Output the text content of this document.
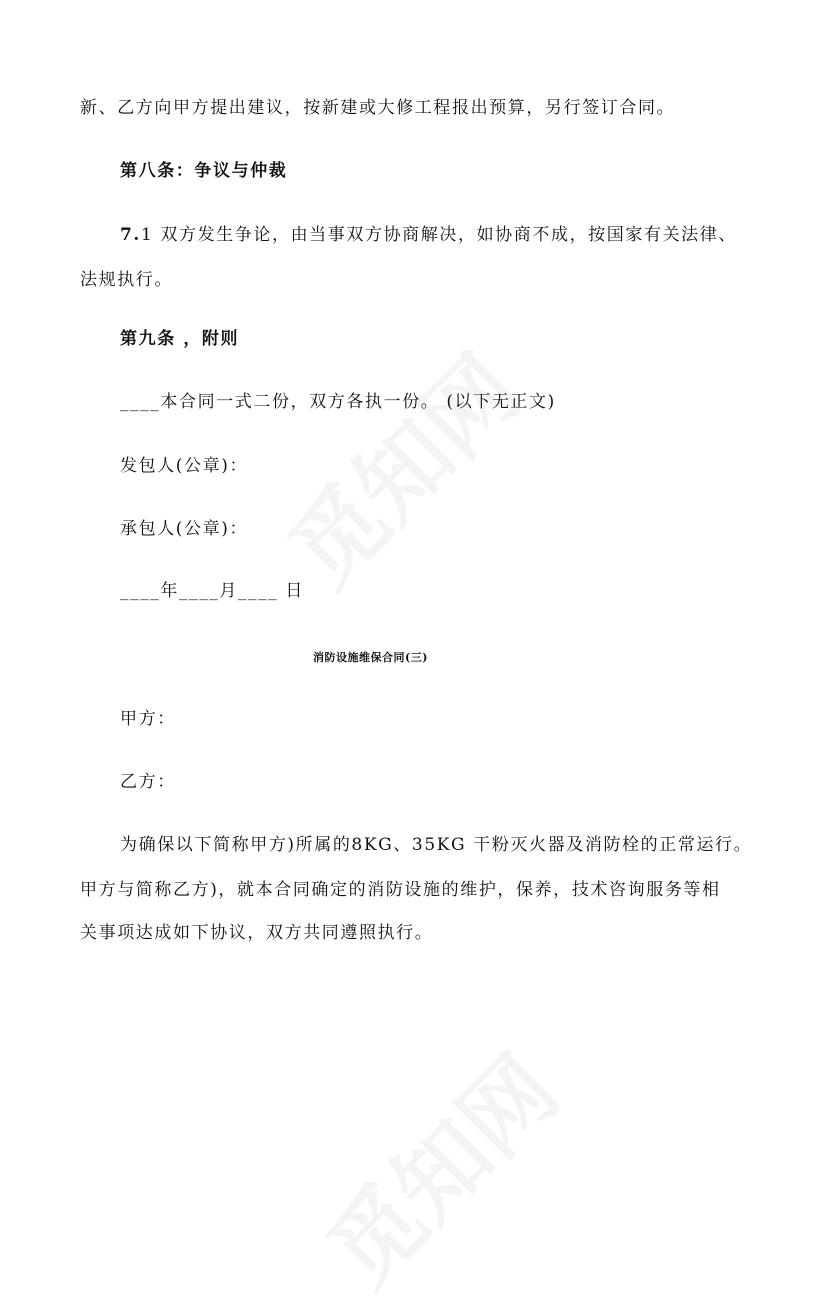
新、乙方向甲方提出建议，按新建或大修工程报出预算，另行签订合同。
第八条：争议与仲裁
7.1 双方发生争论，由当事双方协商解决，如协商不成，按国家有关法律、
法规执行。
第九条 ，附则
____本合同一式二份，双方各执一份。 (以下无正文)
发包人(公章)：
承包人(公章)：
____年____月____ 日
消防设施维保合同(三)
甲方：
乙方：
为确保以下简称甲方)所属的8KG、35KG 干粉灭火器及消防栓的正常运行。
甲方与简称乙方)，就本合同确定的消防设施的维护，保养，技术咨询服务等相
关事项达成如下协议，双方共同遵照执行。
